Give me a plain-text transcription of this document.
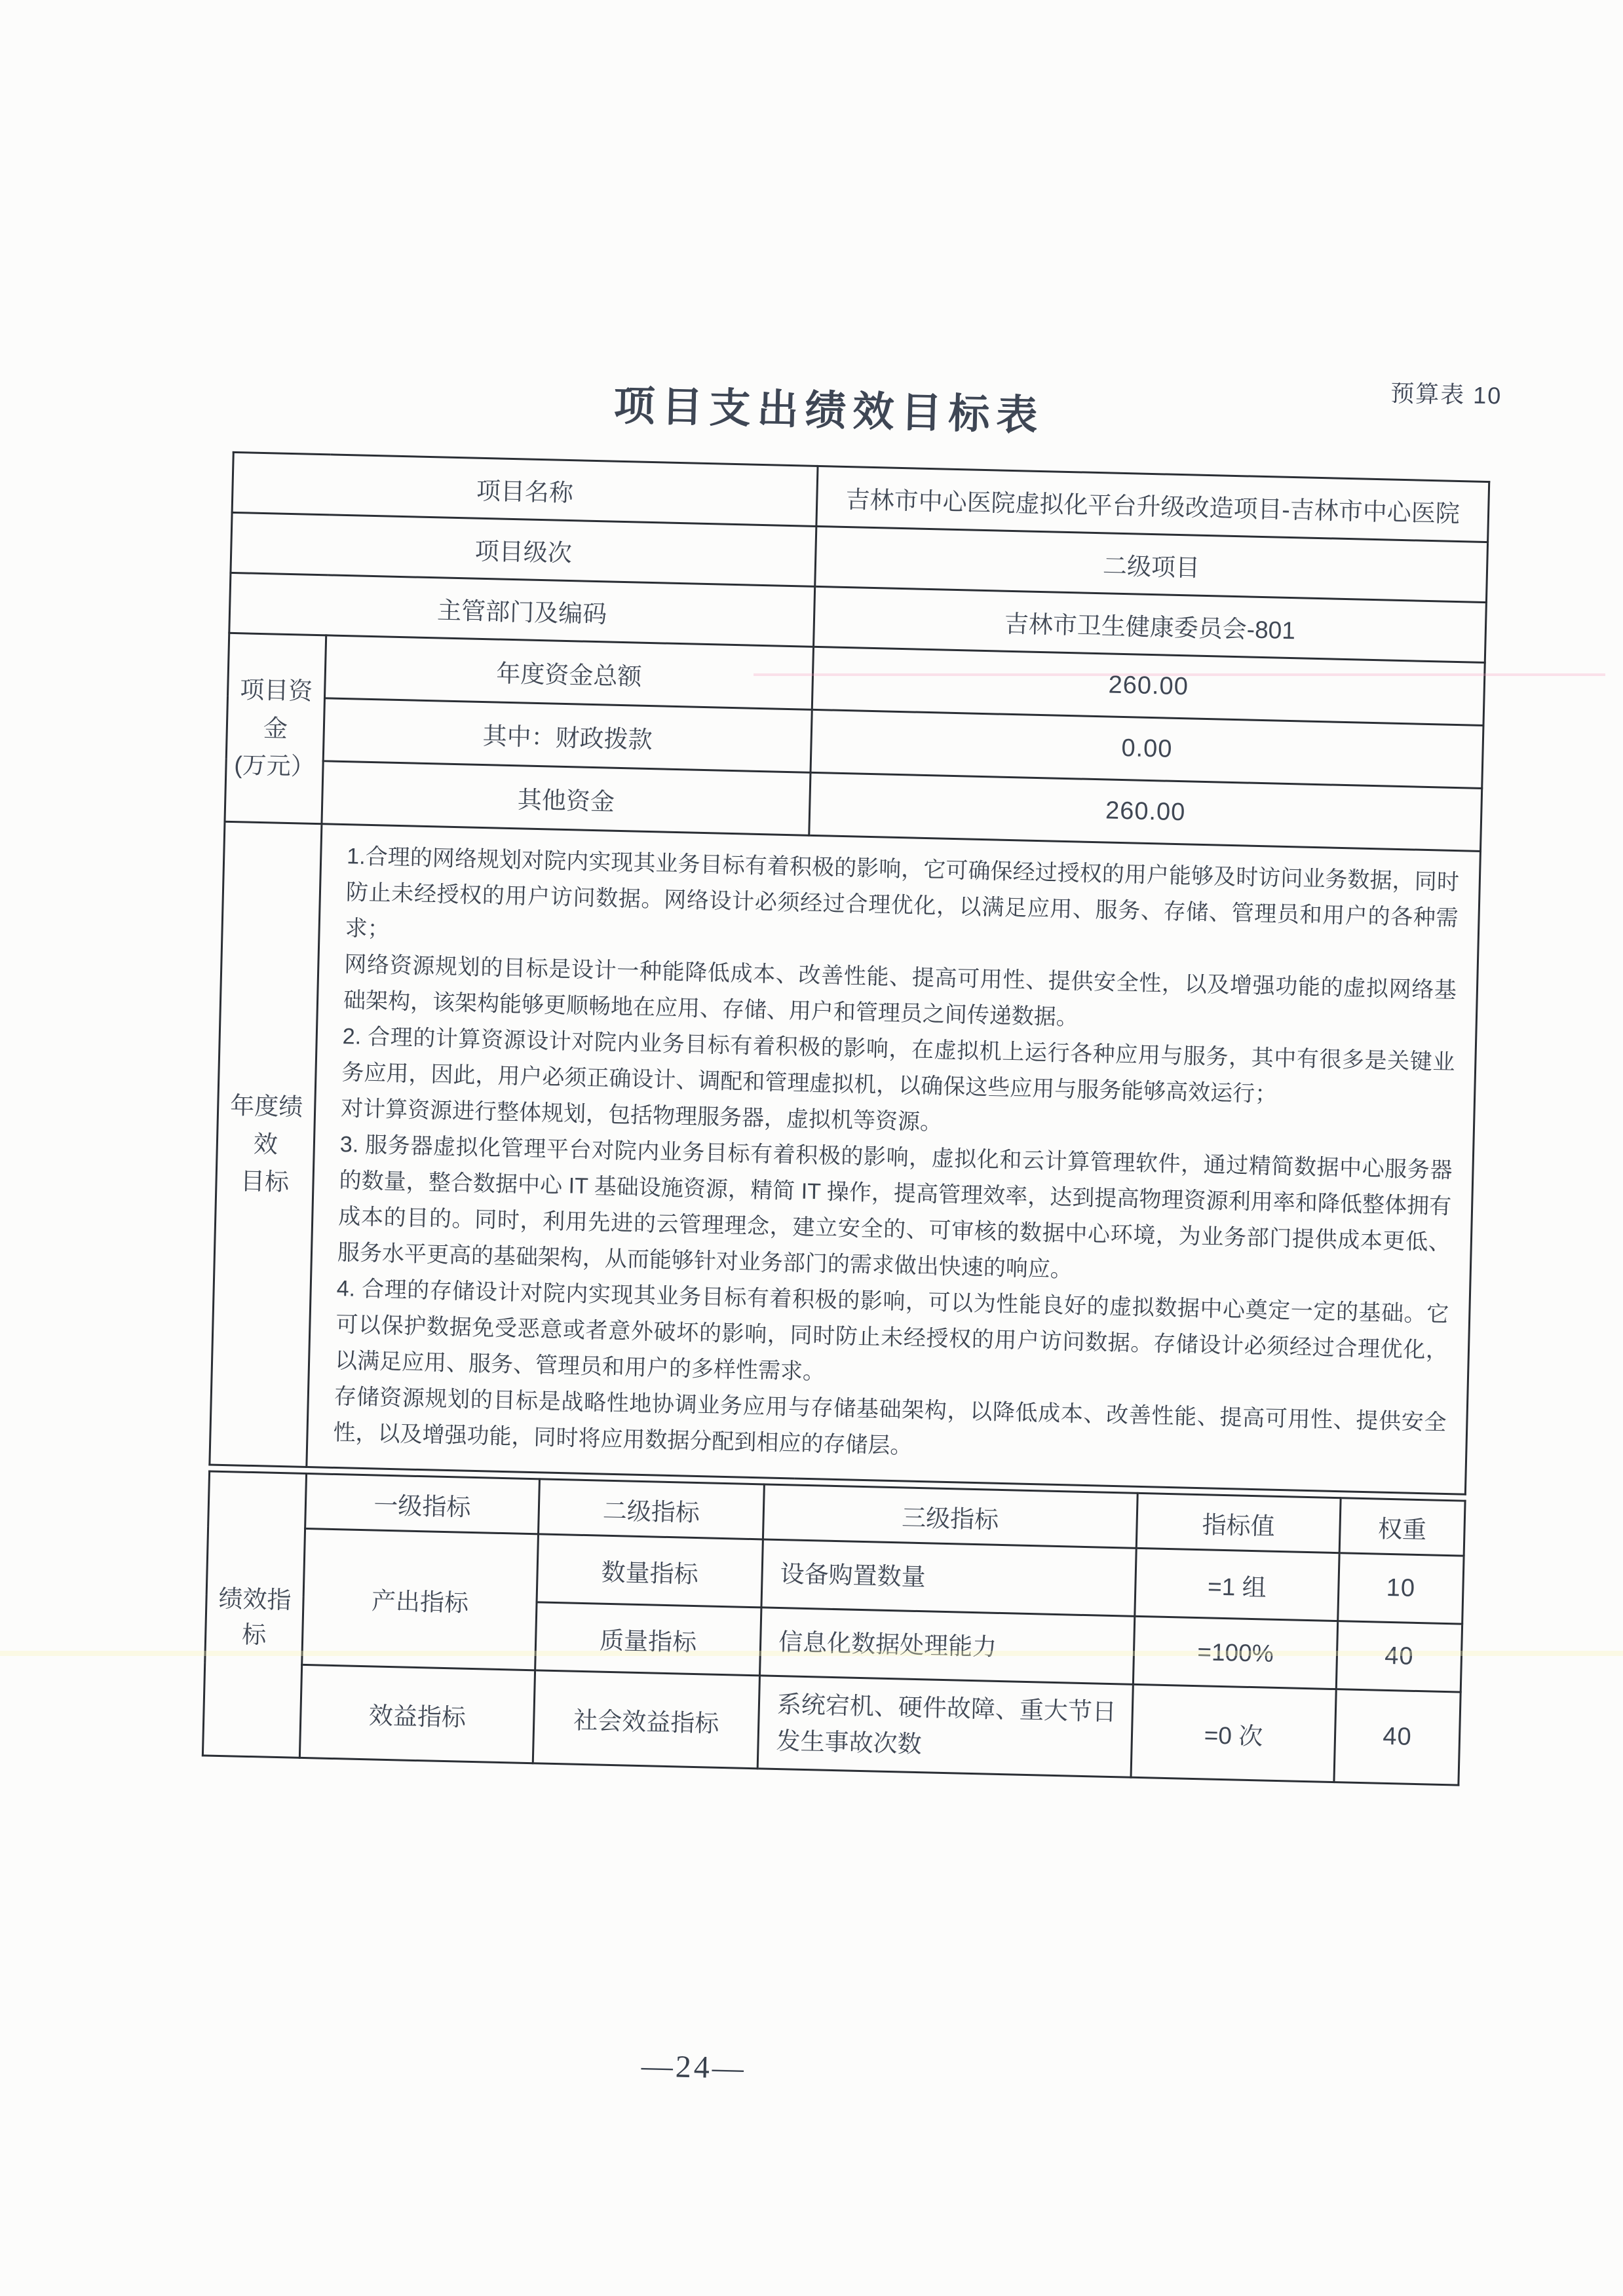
预算表 10
项目支出绩效目标表
项目名称		吉林市中心医院虚拟化平台升级改造项目-吉林市中心医院
项目级次		二级项目
主管部门及编码		吉林市卫生健康委员会-801
项目资金
(万元）	年度资金总额	260.00
	其中：财政拨款	0.00
	其他资金	260.00
年度绩效
目标	

1.合理的网络规划对院内实现其业务目标有着积极的影响，它可确保经过授权的用户能够及时访问业务数据，同时防止未经授权的用户访问数据。网络设计必须经过合理优化，以满足应用、服务、存储、管理员和用户的各种需求；

网络资源规划的目标是设计一种能降低成本、改善性能、提高可用性、提供安全性，以及增强功能的虚拟网络基础架构，该架构能够更顺畅地在应用、存储、用户和管理员之间传递数据。

2. 合理的计算资源设计对院内业务目标有着积极的影响，在虚拟机上运行各种应用与服务，其中有很多是关键业务应用，因此，用户必须正确设计、调配和管理虚拟机，以确保这些应用与服务能够高效运行；

对计算资源进行整体规划，包括物理服务器，虚拟机等资源。

3. 服务器虚拟化管理平台对院内业务目标有着积极的影响，虚拟化和云计算管理软件，通过精简数据中心服务器的数量，整合数据中心 IT 基础设施资源，精简 IT 操作，提高管理效率，达到提高物理资源利用率和降低整体拥有成本的目的。同时，利用先进的云管理理念，建立安全的、可审核的数据中心环境，为业务部门提供成本更低、服务水平更高的基础架构，从而能够针对业务部门的需求做出快速的响应。

4. 合理的存储设计对院内实现其业务目标有着积极的影响，可以为性能良好的虚拟数据中心奠定一定的基础。它可以保护数据免受恶意或者意外破坏的影响，同时防止未经授权的用户访问数据。存储设计必须经过合理优化，以满足应用、服务、管理员和用户的多样性需求。

存储资源规划的目标是战略性地协调业务应用与存储基础架构，以降低成本、改善性能、提高可用性、提供安全性，以及增强功能，同时将应用数据分配到相应的存储层。

绩效指标	一级指标	二级指标	三级指标	指标值	权重
	产出指标	数量指标	设备购置数量	=1 组	10
		质量指标	信息化数据处理能力	=100%	40
	效益指标	社会效益指标	系统宕机、硬件故障、重大节日发生事故次数	=0 次	40
—24—
